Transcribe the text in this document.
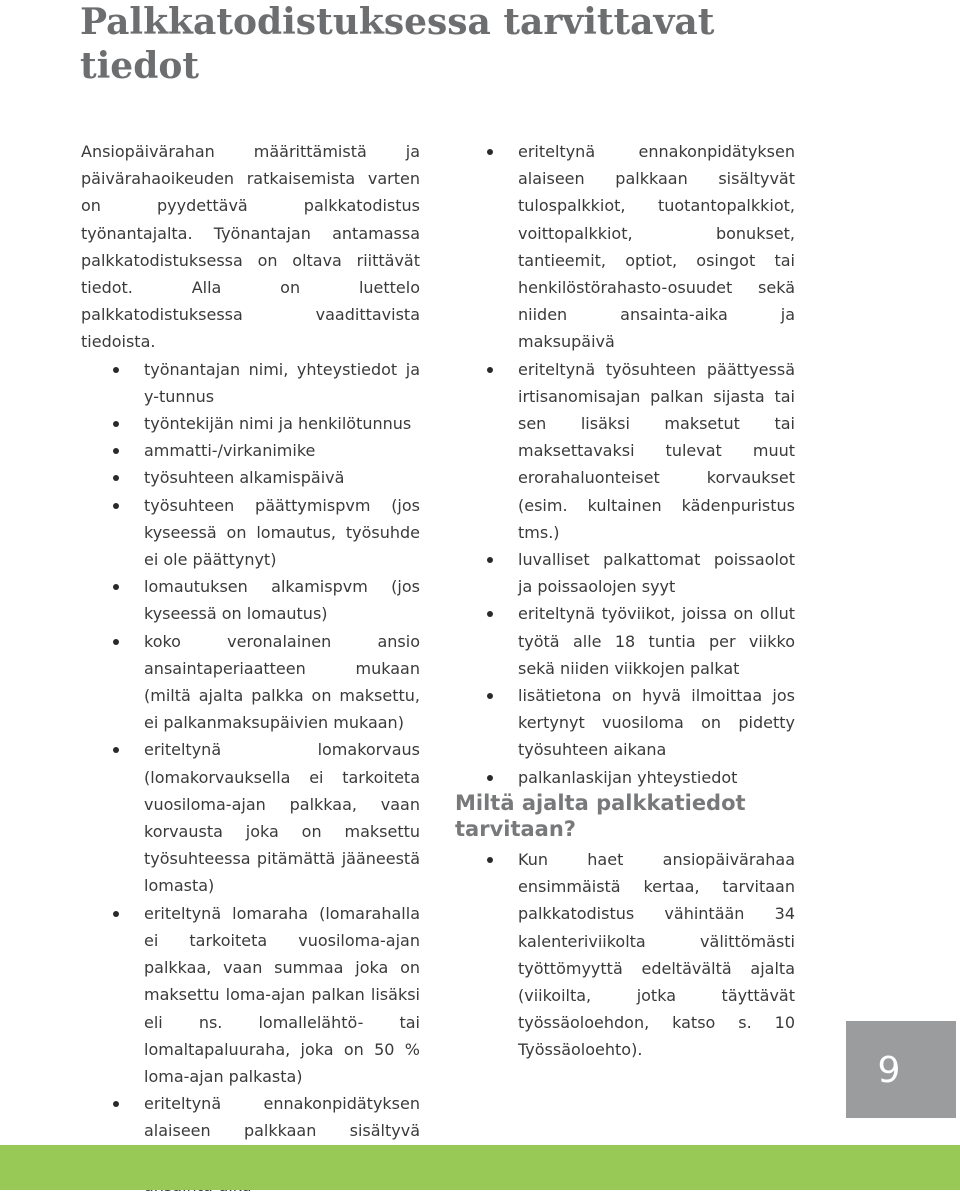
Palkkatodistuksessa tarvittavat tiedot

Ansiopäivärahan määrittämistä ja päivärahaoikeuden ratkaisemista varten on pyydettävä palkkatodistus työnantajalta. Työnantajan antamassa palkkatodistuksessa on oltava riittävät tiedot. Alla on luettelo palkkatodistuksessa vaadittavista tiedoista.

työnantajan nimi, yhteystiedot ja y-tunnus
työntekijän nimi ja henkilötunnus
ammatti-/virkanimike
työsuhteen alkamispäivä
työsuhteen päättymispvm (jos kyseessä on lomautus, työsuhde ei ole päättynyt)
lomautuksen alkamispvm (jos kyseessä on lomautus)
koko veronalainen ansio ansaintaperiaatteen mukaan (miltä ajalta palkka on maksettu, ei palkanmaksupäivien mukaan)
eriteltynä lomakorvaus (lomakorvauksella ei tarkoiteta vuosiloma-ajan palkkaa, vaan korvausta joka on maksettu työsuhteessa pitämättä jääneestä lomasta)
eriteltynä lomaraha (lomarahalla ei tarkoiteta vuosiloma-ajan palkkaa, vaan summaa joka on maksettu loma-ajan palkan lisäksi eli ns. lomallelähtö- tai lomaltapaluuraha, joka on 50 % loma-ajan palkasta)
eriteltynä ennakonpidätyksen alaiseen palkkaan sisältyvä
eriteltynä ennakonpidätyksen alaiseen palkkaan sisältyvät tulospalkkiot, tuotantopalkkiot, voittopalkkiot, bonukset, tantieemit, optiot, osingot tai henkilöstörahasto-osuudet sekä niiden ansainta-aika ja maksupäivä
eriteltynä työsuhteen päättyessä irtisanomisajan palkan sijasta tai sen lisäksi maksetut tai maksettavaksi tulevat muut erorahaluonteiset korvaukset (esim. kultainen kädenpuristus tms.)
luvalliset palkattomat poissaolot ja poissaolojen syyt
eriteltynä työviikot, joissa on ollut työtä alle 18 tuntia per viikko sekä niiden viikkojen palkat
lisätietona on hyvä ilmoittaa jos kertynyt vuosiloma on pidetty työsuhteen aikana
palkanlaskijan yhteystiedot
Miltä ajalta palkkatiedot tarvitaan?
Kun haet ansiopäivärahaa ensimmäistä kertaa, tarvitaan palkkatodistus vähintään 34 kalenteriviikolta välittömästi työttömyyttä edeltävältä ajalta (viikoilta, jotka täyttävät työssäoloehdon, katso s. 10 Työssäoloehto).
9
